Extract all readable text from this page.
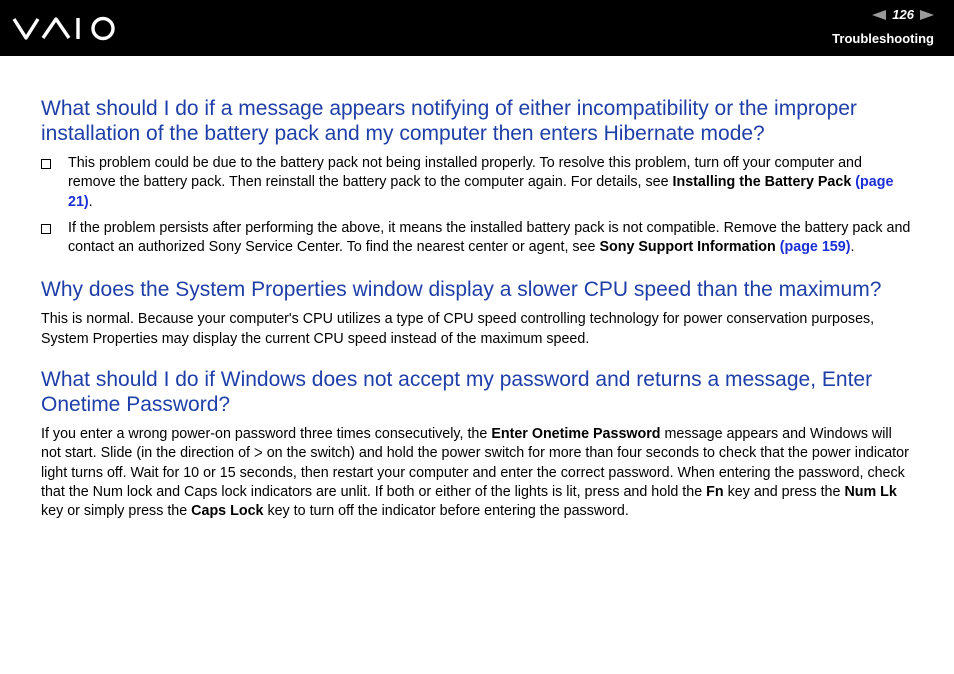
126
Troubleshooting
What should I do if a message appears notifying of either incompatibility or the improper installation of the battery pack and my computer then enters Hibernate mode?
This problem could be due to the battery pack not being installed properly. To resolve this problem, turn off your computer and remove the battery pack. Then reinstall the battery pack to the computer again. For details, see Installing the Battery Pack (page 21).
If the problem persists after performing the above, it means the installed battery pack is not compatible. Remove the battery pack and contact an authorized Sony Service Center. To find the nearest center or agent, see Sony Support Information (page 159).
Why does the System Properties window display a slower CPU speed than the maximum?

This is normal. Because your computer's CPU utilizes a type of CPU speed controlling technology for power conservation purposes, System Properties may display the current CPU speed instead of the maximum speed.

What should I do if Windows does not accept my password and returns a message, Enter Onetime Password?

If you enter a wrong power-on password three times consecutively, the Enter Onetime Password message appears and Windows will not start. Slide (in the direction of ᐳ on the switch) and hold the power switch for more than four seconds to check that the power indicator light turns off. Wait for 10 or 15 seconds, then restart your computer and enter the correct password. When entering the password, check that the Num lock and Caps lock indicators are unlit. If both or either of the lights is lit, press and hold the Fn key and press the Num Lk key or simply press the Caps Lock key to turn off the indicator before entering the password.
